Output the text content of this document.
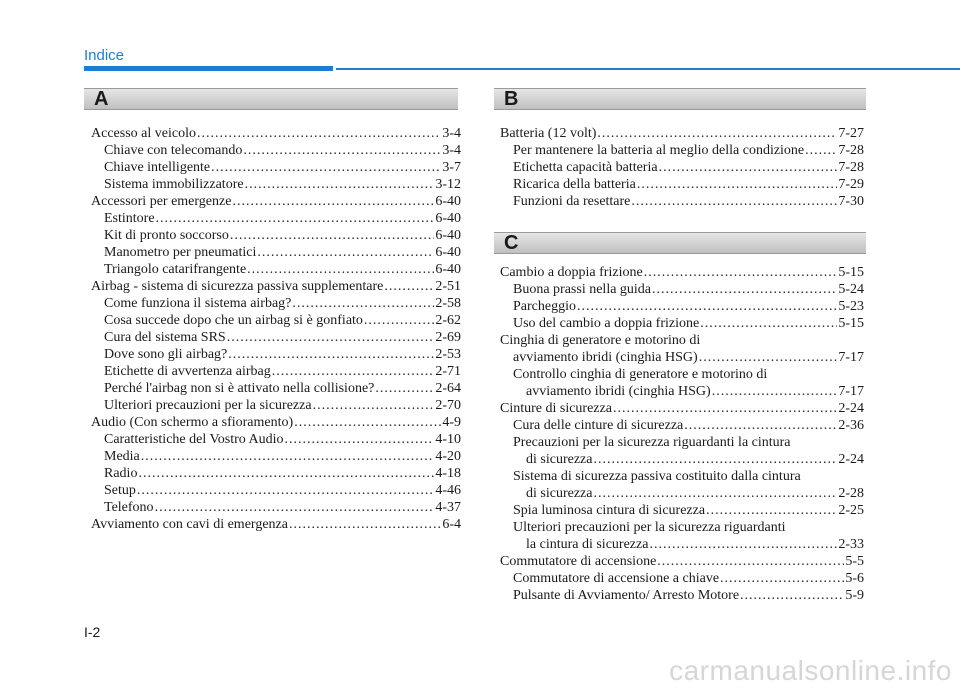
Indice
A
Accesso al veicolo .....	3-4
Chiave con telecomando .....	3-4
Chiave intelligente .....	3-7
Sistema immobilizzatore .....	3-12
Accessori per emergenze .....	6-40
Estintore .....	6-40
Kit di pronto soccorso .....	6-40
Manometro per pneumatici .....	6-40
Triangolo catarifrangente .....	6-40
Airbag - sistema di sicurezza passiva supplementare .....	2-51
Come funziona il sistema airbag? .....	2-58
Cosa succede dopo che un airbag si è gonfiato .....	2-62
Cura del sistema SRS .....	2-69
Dove sono gli airbag? .....	2-53
Etichette di avvertenza airbag .....	2-71
Perché l'airbag non si è attivato nella collisione? .....	2-64
Ulteriori precauzioni per la sicurezza .....	2-70
Audio (Con schermo a sfioramento) .....	4-9
Caratteristiche del Vostro Audio .....	4-10
Media .....	4-20
Radio .....	4-18
Setup .....	4-46
Telefono .....	4-37
Avviamento con cavi di emergenza .....	6-4
B
Batteria (12 volt) .....	7-27
Per mantenere la batteria al meglio della condizione ..... 7-28
Etichetta capacità batteria .....	7-28
Ricarica della batteria .....	7-29
Funzioni da resettare .....	7-30
C
Cambio a doppia frizione .....	5-15
Buona prassi nella guida .....	5-24
Parcheggio .....	5-23
Uso del cambio a doppia frizione .....	5-15
Cinghia di generatore e motorino di
avviamento ibridi (cinghia HSG) .....	7-17
Controllo cinghia di generatore e motorino di
avviamento ibridi (cinghia HSG) .....	7-17
Cinture di sicurezza .....	2-24
Cura delle cinture di sicurezza .....	2-36
Precauzioni per la sicurezza riguardanti la cintura
di sicurezza .....	2-24
Sistema di sicurezza passiva costituito dalla cintura
di sicurezza .....	2-28
Spia luminosa cintura di sicurezza .....	2-25
Ulteriori precauzioni per la sicurezza riguardanti
la cintura di sicurezza .....	2-33
Commutatore di accensione .....	5-5
Commutatore di accensione a chiave .....	5-6
Pulsante di Avviamento/ Arresto Motore .....	5-9
I-2
carmanualsonline.info
